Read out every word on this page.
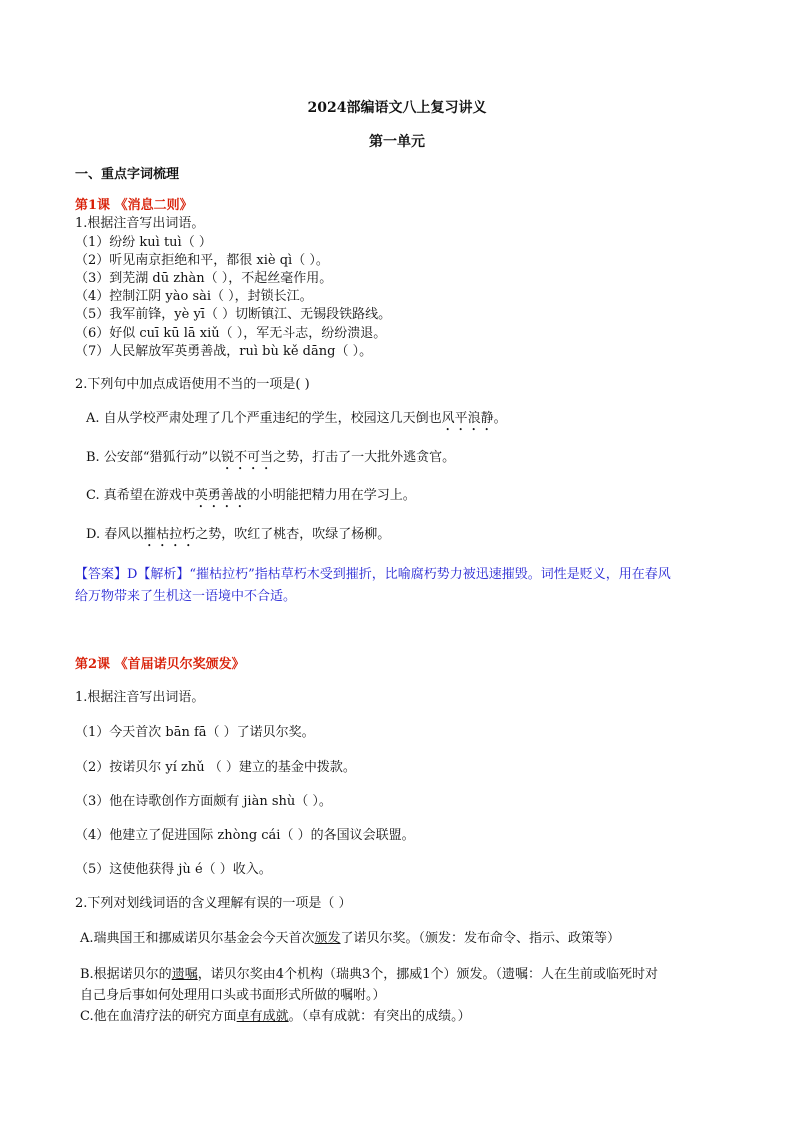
2024部编语文八上复习讲义
第一单元
一、重点字词梳理
第1课 《消息二则》
1.根据注音写出词语。
（1）纷纷 kuì tuì（ ）
（2）听见南京拒绝和平，都很 xiè qì（ ）。
（3）到芜湖 dū zhàn（ ），不起丝毫作用。
（4）控制江阴 yào sài（ ），封锁长江。
（5）我军前锋，yè yī（ ）切断镇江、无锡段铁路线。
（6）好似 cuī kū lā xiǔ（ ），军无斗志，纷纷溃退。
（7）人民解放军英勇善战，ruì bù kě dāng（ ）。
2.下列句中加点成语使用不当的一项是( )
A. 自从学校严肃处理了几个严重违纪的学生，校园这几天倒也风平浪静。
B. 公安部“猎狐行动”以锐不可当之势，打击了一大批外逃贪官。
C. 真希望在游戏中英勇善战的小明能把精力用在学习上。
D. 春风以摧枯拉朽之势，吹红了桃杏，吹绿了杨柳。
【答案】D【解析】“摧枯拉朽”指枯草朽木受到摧折，比喻腐朽势力被迅速摧毁。词性是贬义，用在春风
给万物带来了生机这一语境中不合适。
第2课 《首届诺贝尔奖颁发》
1.根据注音写出词语。
（1）今天首次 bān fā（ ）了诺贝尔奖。
（2）按诺贝尔 yí zhǔ （ ）建立的基金中拨款。
（3）他在诗歌创作方面颇有 jiàn shù（ ）。
（4）他建立了促进国际 zhòng cái（ ）的各国议会联盟。
（5）这使他获得 jù é（ ）收入。
2.下列对划线词语的含义理解有误的一项是（ ）
A.瑞典国王和挪威诺贝尔基金会今天首次颁发了诺贝尔奖。（颁发：发布命令、指示、政策等）
B.根据诺贝尔的遗嘱，诺贝尔奖由4个机构（瑞典3个，挪威1个）颁发。（遗嘱：人在生前或临死时对
自己身后事如何处理用口头或书面形式所做的嘱咐。）
C.他在血清疗法的研究方面卓有成就。（卓有成就：有突出的成绩。）
